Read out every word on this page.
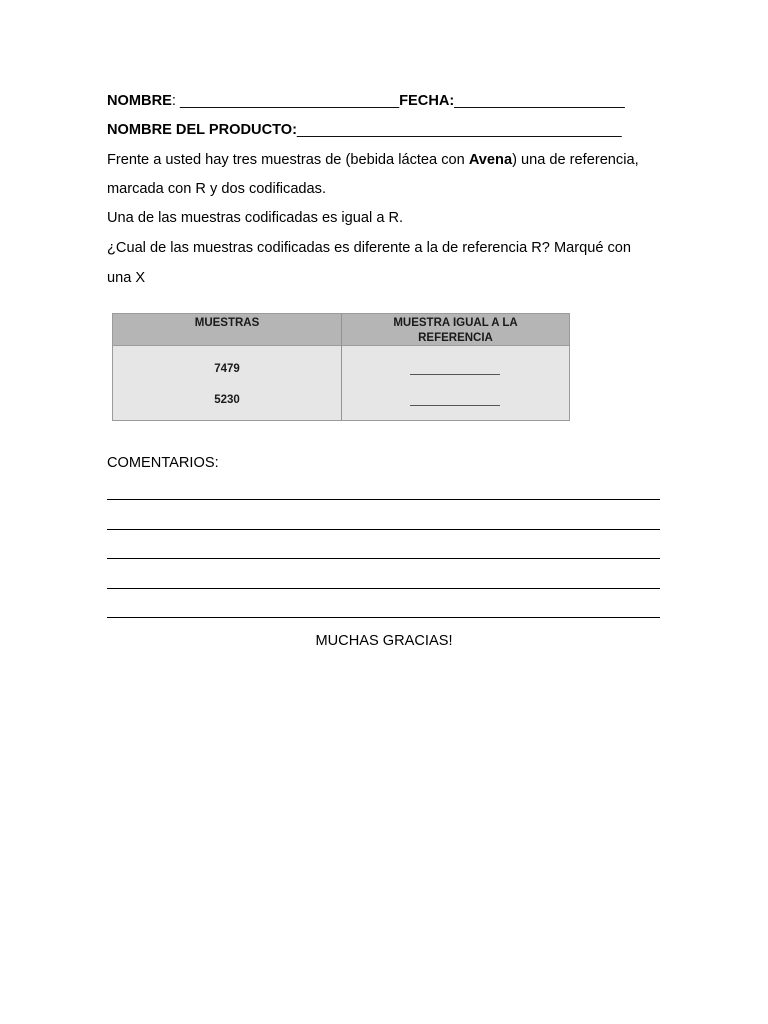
NOMBRE: ___________________________FECHA:_____________________
NOMBRE DEL PRODUCTO:________________________________________
Frente a usted hay tres muestras de (bebida láctea con Avena) una de referencia,
marcada con R y dos codificadas.
Una de las muestras codificadas es igual a R.
¿Cual de las muestras codificadas es diferente a la de referencia R? Marqué con
una X
MUESTRAS	MUESTRA IGUAL A LA
REFERENCIA
7479
5230
COMENTARIOS:
MUCHAS GRACIAS!
